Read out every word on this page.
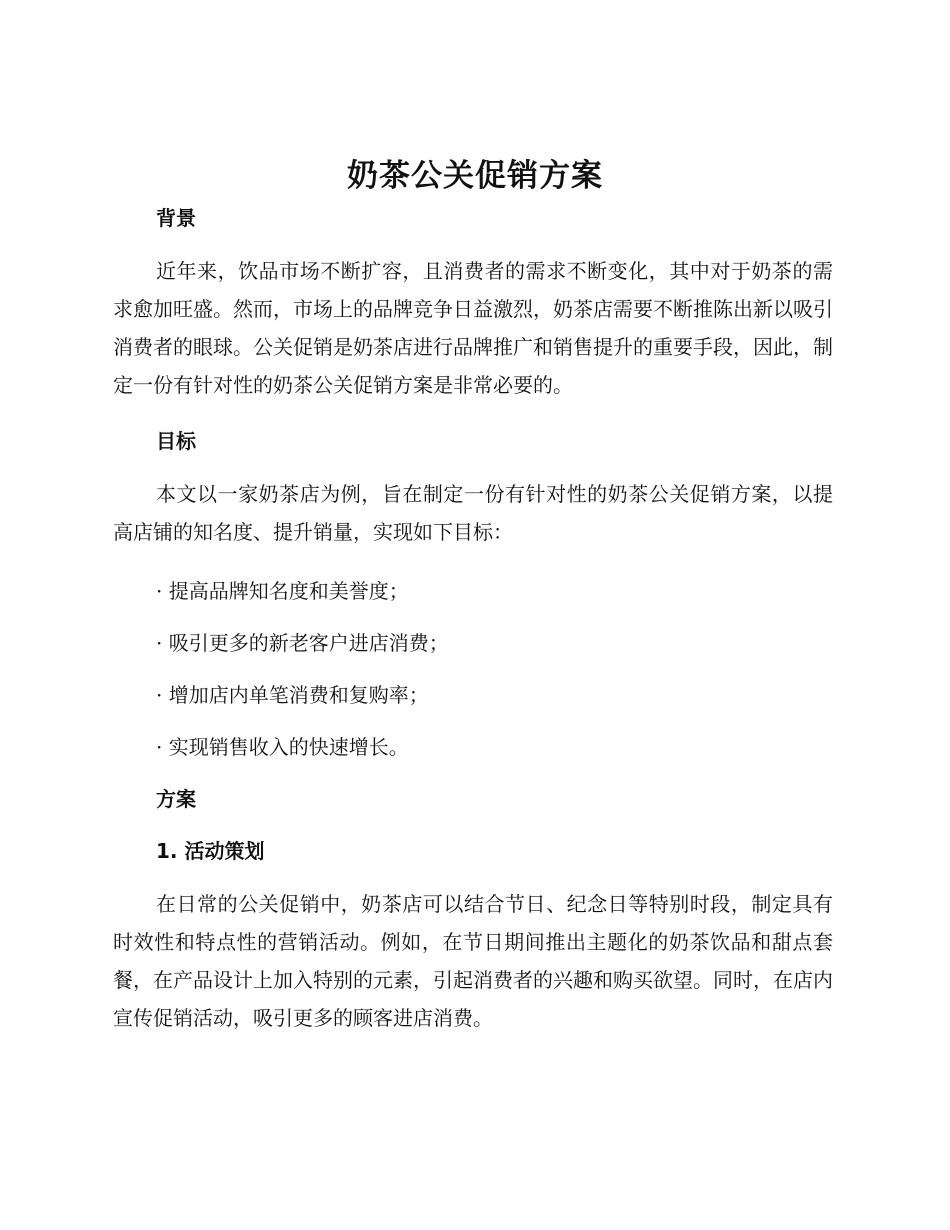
奶茶公关促销方案
背景

近年来，饮品市场不断扩容，且消费者的需求不断变化，其中对于奶茶的需求愈加旺盛。然而，市场上的品牌竞争日益激烈，奶茶店需要不断推陈出新以吸引消费者的眼球。公关促销是奶茶店进行品牌推广和销售提升的重要手段，因此，制定一份有针对性的奶茶公关促销方案是非常必要的。

目标

本文以一家奶茶店为例，旨在制定一份有针对性的奶茶公关促销方案，以提高店铺的知名度、提升销量，实现如下目标：

· 提高品牌知名度和美誉度；

· 吸引更多的新老客户进店消费；

· 增加店内单笔消费和复购率；

· 实现销售收入的快速增长。

方案
1. 活动策划

在日常的公关促销中，奶茶店可以结合节日、纪念日等特别时段，制定具有时效性和特点性的营销活动。例如，在节日期间推出主题化的奶茶饮品和甜点套餐，在产品设计上加入特别的元素，引起消费者的兴趣和购买欲望。同时，在店内宣传促销活动，吸引更多的顾客进店消费。
